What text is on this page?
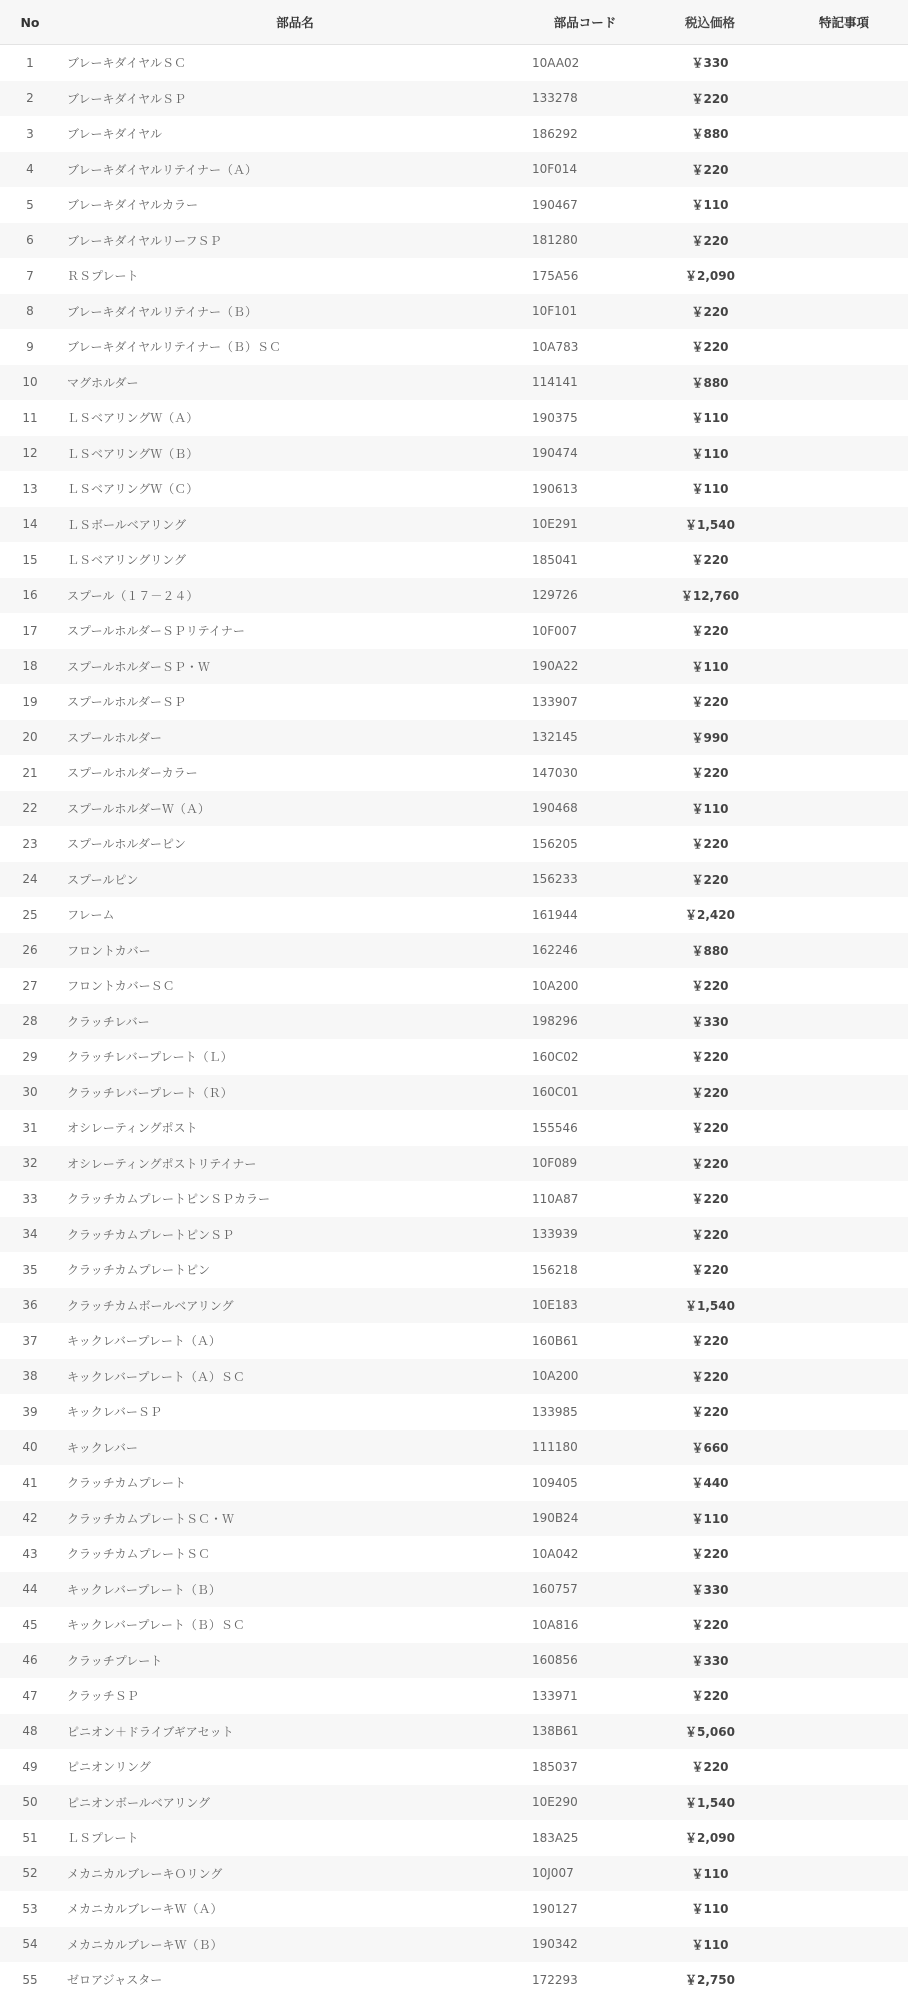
No	部品名	部品コード	税込価格	特記事項
1	ブレーキダイヤルＳＣ	10AA02	￥330	
2	ブレーキダイヤルＳＰ	133278	￥220	
3	ブレーキダイヤル	186292	￥880	
4	ブレーキダイヤルリテイナー（Ａ）	10F014	￥220	
5	ブレーキダイヤルカラー	190467	￥110	
6	ブレーキダイヤルリーフＳＰ	181280	￥220	
7	ＲＳプレート	175A56	￥2,090	
8	ブレーキダイヤルリテイナー（Ｂ）	10F101	￥220	
9	ブレーキダイヤルリテイナー（Ｂ）ＳＣ	10A783	￥220	
10	マグホルダー	114141	￥880	
11	ＬＳベアリングＷ（Ａ）	190375	￥110	
12	ＬＳベアリングＷ（Ｂ）	190474	￥110	
13	ＬＳベアリングＷ（Ｃ）	190613	￥110	
14	ＬＳボールベアリング	10E291	￥1,540	
15	ＬＳベアリングリング	185041	￥220	
16	スプール（１７－２４）	129726	￥12,760	
17	スプールホルダーＳＰリテイナー	10F007	￥220	
18	スプールホルダーＳＰ・Ｗ	190A22	￥110	
19	スプールホルダーＳＰ	133907	￥220	
20	スプールホルダー	132145	￥990	
21	スプールホルダーカラー	147030	￥220	
22	スプールホルダーＷ（Ａ）	190468	￥110	
23	スプールホルダーピン	156205	￥220	
24	スプールピン	156233	￥220	
25	フレーム	161944	￥2,420	
26	フロントカバー	162246	￥880	
27	フロントカバーＳＣ	10A200	￥220	
28	クラッチレバー	198296	￥330	
29	クラッチレバープレート（Ｌ）	160C02	￥220	
30	クラッチレバープレート（Ｒ）	160C01	￥220	
31	オシレーティングポスト	155546	￥220	
32	オシレーティングポストリテイナー	10F089	￥220	
33	クラッチカムプレートピンＳＰカラー	110A87	￥220	
34	クラッチカムプレートピンＳＰ	133939	￥220	
35	クラッチカムプレートピン	156218	￥220	
36	クラッチカムボールベアリング	10E183	￥1,540	
37	キックレバープレート（Ａ）	160B61	￥220	
38	キックレバープレート（Ａ）ＳＣ	10A200	￥220	
39	キックレバーＳＰ	133985	￥220	
40	キックレバー	111180	￥660	
41	クラッチカムプレート	109405	￥440	
42	クラッチカムプレートＳＣ・Ｗ	190B24	￥110	
43	クラッチカムプレートＳＣ	10A042	￥220	
44	キックレバープレート（Ｂ）	160757	￥330	
45	キックレバープレート（Ｂ）ＳＣ	10A816	￥220	
46	クラッチプレート	160856	￥330	
47	クラッチＳＰ	133971	￥220	
48	ピニオン＋ドライブギアセット	138B61	￥5,060	
49	ピニオンリング	185037	￥220	
50	ピニオンボールベアリング	10E290	￥1,540	
51	ＬＳプレート	183A25	￥2,090	
52	メカニカルブレーキＯリング	10J007	￥110	
53	メカニカルブレーキＷ（Ａ）	190127	￥110	
54	メカニカルブレーキＷ（Ｂ）	190342	￥110	
55	ゼロアジャスター	172293	￥2,750	
